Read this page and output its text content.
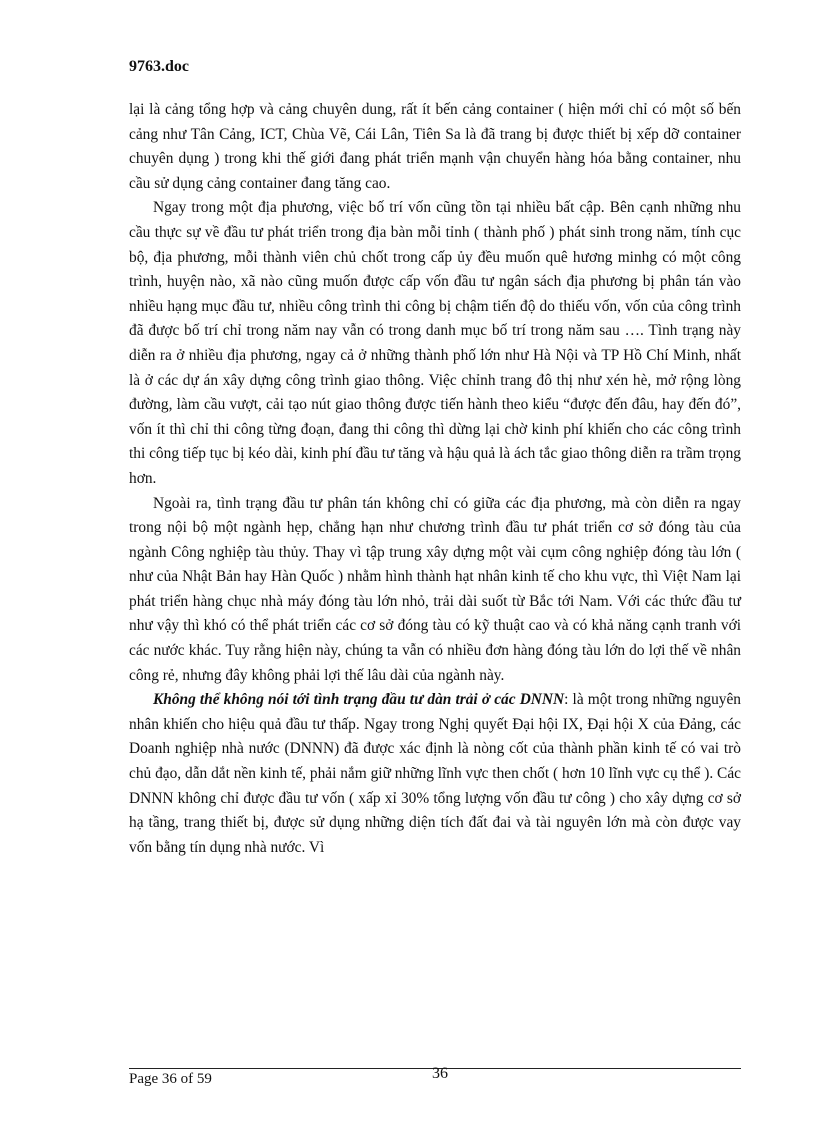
9763.doc

lại là cảng tổng hợp và cảng chuyên dung, rất ít bến cảng container ( hiện mới chỉ có một số bến cảng như Tân Cảng, ICT, Chùa Vẽ, Cái Lân, Tiên Sa là đã trang bị được thiết bị xếp dỡ container chuyên dụng ) trong khi thế giới đang phát triển mạnh vận chuyển hàng hóa bằng container, nhu cầu sử dụng cảng container đang tăng cao.

Ngay trong một địa phương, việc bố trí vốn cũng tồn tại nhiều bất cập. Bên cạnh những nhu cầu thực sự về đầu tư phát triển trong địa bàn mỗi tỉnh ( thành phố ) phát sinh trong năm, tính cục bộ, địa phương, mỗi thành viên chủ chốt trong cấp ủy đều muốn quê hương minhg có một công trình, huyện nào, xã nào cũng muốn được cấp vốn đầu tư ngân sách địa phương bị phân tán vào nhiều hạng mục đầu tư, nhiều công trình thi công bị chậm tiến độ do thiếu vốn, vốn của công trình đã được bố trí chỉ trong năm nay vẫn có trong danh mục bố trí trong năm sau …. Tình trạng này diễn ra ở nhiều địa phương, ngay cả ở những thành phố lớn như Hà Nội và TP Hồ Chí Minh, nhất là ở các dự án xây dựng công trình giao thông. Việc chỉnh trang đô thị như xén hè, mở rộng lòng đường, làm cầu vượt, cải tạo nút giao thông được tiến hành theo kiểu “được đến đâu, hay đến đó”, vốn ít thì chỉ thi công từng đoạn, đang thi công thì dừng lại chờ kinh phí khiến cho các công trình thi công tiếp tục bị kéo dài, kinh phí đầu tư tăng và hậu quả là ách tắc giao thông diễn ra trầm trọng hơn.

Ngoài ra, tình trạng đầu tư phân tán không chỉ có giữa các địa phương, mà còn diễn ra ngay trong nội bộ một ngành hẹp, chẳng hạn như chương trình đầu tư phát triển cơ sở đóng tàu của ngành Công nghiệp tàu thủy. Thay vì tập trung xây dựng một vài cụm công nghiệp đóng tàu lớn ( như của Nhật Bản hay Hàn Quốc ) nhằm hình thành hạt nhân kinh tế cho khu vực, thì Việt Nam lại phát triển hàng chục nhà máy đóng tàu lớn nhỏ, trải dài suốt từ Bắc tới Nam. Với các thức đầu tư như vậy thì khó có thể phát triển các cơ sở đóng tàu có kỹ thuật cao và có khả năng cạnh tranh với các nước khác. Tuy rằng hiện này, chúng ta vẫn có nhiều đơn hàng đóng tàu lớn do lợi thế về nhân công rẻ, nhưng đây không phải lợi thế lâu dài của ngành này.

Không thể không nói tới tình trạng đầu tư dàn trải ở các DNNN: là một trong những nguyên nhân khiến cho hiệu quả đầu tư thấp. Ngay trong Nghị quyết Đại hội IX, Đại hội X của Đảng, các Doanh nghiệp nhà nước (DNNN) đã được xác định là nòng cốt của thành phần kinh tế có vai trò chủ đạo, dẫn dắt nền kinh tế, phải nắm giữ những lĩnh vực then chốt ( hơn 10 lĩnh vực cụ thể ). Các DNNN không chỉ được đầu tư vốn ( xấp xỉ 30% tổng lượng vốn đầu tư công ) cho xây dựng cơ sở hạ tầng, trang thiết bị, được sử dụng những diện tích đất đai và tài nguyên lớn mà còn được vay vốn bằng tín dụng nhà nước. Vì

Page 36 of 59	36
